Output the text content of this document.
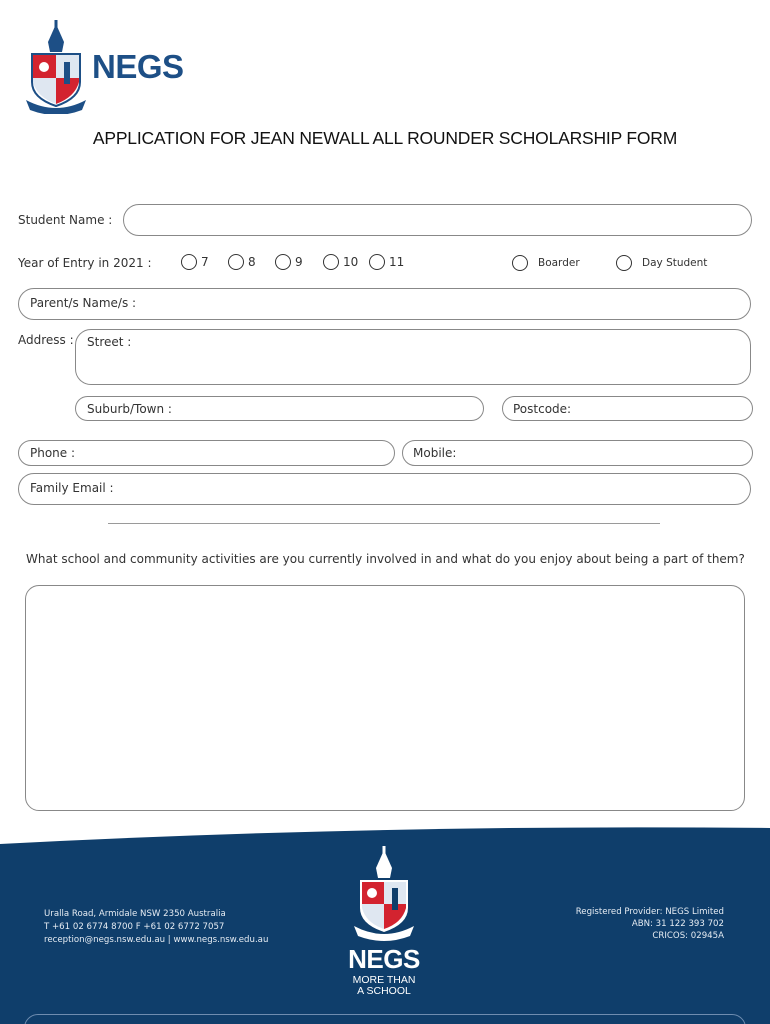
NEGS
APPLICATION FOR JEAN NEWALL ALL ROUNDER SCHOLARSHIP FORM
Student Name :
Year of Entry in 2021 :	7	8	9	10	11	Boarder	Day Student
Parent/s Name/s :
Address : Street :
Suburb/Town :	Postcode:
Phone :	Mobile:
Family Email :
What school and community activities are you currently involved in and what do you enjoy about being a part of them?
Uralla Road, Armidale NSW 2350 Australia
T +61 02 6774 8700 F +61 02 6772 7057
reception@negs.nsw.edu.au | www.negs.nsw.edu.au
NEGS
MORE THAN
A SCHOOL
Registered Provider: NEGS Limited
ABN: 31 122 393 702
CRICOS: 02945A
